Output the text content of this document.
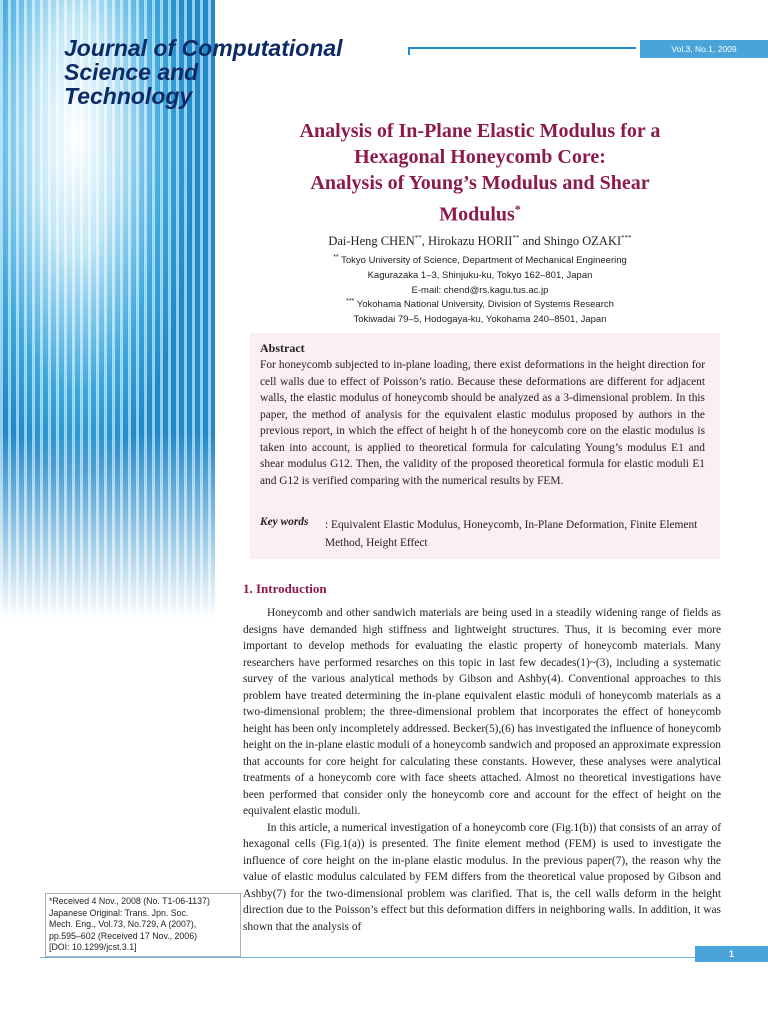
Journal of Computational
Science and
Technology
Vol.3, No.1, 2009
Analysis of In-Plane Elastic Modulus for a
Hexagonal Honeycomb Core:
Analysis of Young’s Modulus and Shear
Modulus*
Dai-Heng CHEN**, Hirokazu HORII** and Shingo OZAKI***
** Tokyo University of Science, Department of Mechanical Engineering
Kagurazaka 1–3, Shinjuku-ku, Tokyo 162–801, Japan
E-mail: chend@rs.kagu.tus.ac.jp
*** Yokohama National University, Division of Systems Research
Tokiwadai 79–5, Hodogaya-ku, Yokohama 240–8501, Japan
Abstract
For honeycomb subjected to in-plane loading, there exist deformations in the height direction for cell walls due to effect of Poisson’s ratio. Because these deformations are different for adjacent walls, the elastic modulus of honeycomb should be analyzed as a 3-dimensional problem. In this paper, the method of analysis for the equivalent elastic modulus proposed by authors in the previous report, in which the effect of height h of the honeycomb core on the elastic modulus is taken into account, is applied to theoretical formula for calculating Young’s modulus E1 and shear modulus G12. Then, the validity of the proposed theoretical formula for elastic moduli E1 and G12 is verified comparing with the numerical results by FEM.
Key words : Equivalent Elastic Modulus, Honeycomb, In-Plane Deformation, Finite Element Method, Height Effect
1. Introduction

Honeycomb and other sandwich materials are being used in a steadily widening range of fields as designs have demanded high stiffness and lightweight structures. Thus, it is becoming ever more important to develop methods for evaluating the elastic property of honeycomb materials. Many researchers have performed resarches on this topic in last few decades(1)~(3), including a systematic survey of the various analytical methods by Gibson and Ashby(4). Conventional approaches to this problem have treated determining the in-plane equivalent elastic moduli of honeycomb materials as a two-dimensional problem; the three-dimensional problem that incorporates the effect of honeycomb height has been only incompletely addressed. Becker(5),(6) has investigated the influence of honeycomb height on the in-plane elastic moduli of a honeycomb sandwich and proposed an approximate expression that accounts for core height for calculating these constants. However, these analyses were analytical treatments of a honeycomb core with face sheets attached. Almost no theoretical investigations have been performed that consider only the honeycomb core and account for the effect of height on the equivalent elastic moduli.

In this article, a numerical investigation of a honeycomb core (Fig.1(b)) that consists of an array of hexagonal cells (Fig.1(a)) is presented. The finite element method (FEM) is used to investigate the influence of core height on the in-plane elastic modulus. In the previous paper(7), the reason why the value of elastic modulus calculated by FEM differs from the theoretical value proposed by Gibson and Ashby(7) for the two-dimensional problem was clarified. That is, the cell walls deform in the height direction due to the Poisson’s effect but this deformation differs in neighboring walls. In addition, it was shown that the analysis of

*Received 4 Nov., 2008 (No. T1-06-1137)
Japanese Original: Trans. Jpn. Soc.
Mech. Eng., Vol.73, No.729, A (2007),
pp.595–602 (Received 17 Nov., 2006)
[DOI: 10.1299/jcst.3.1]
1
